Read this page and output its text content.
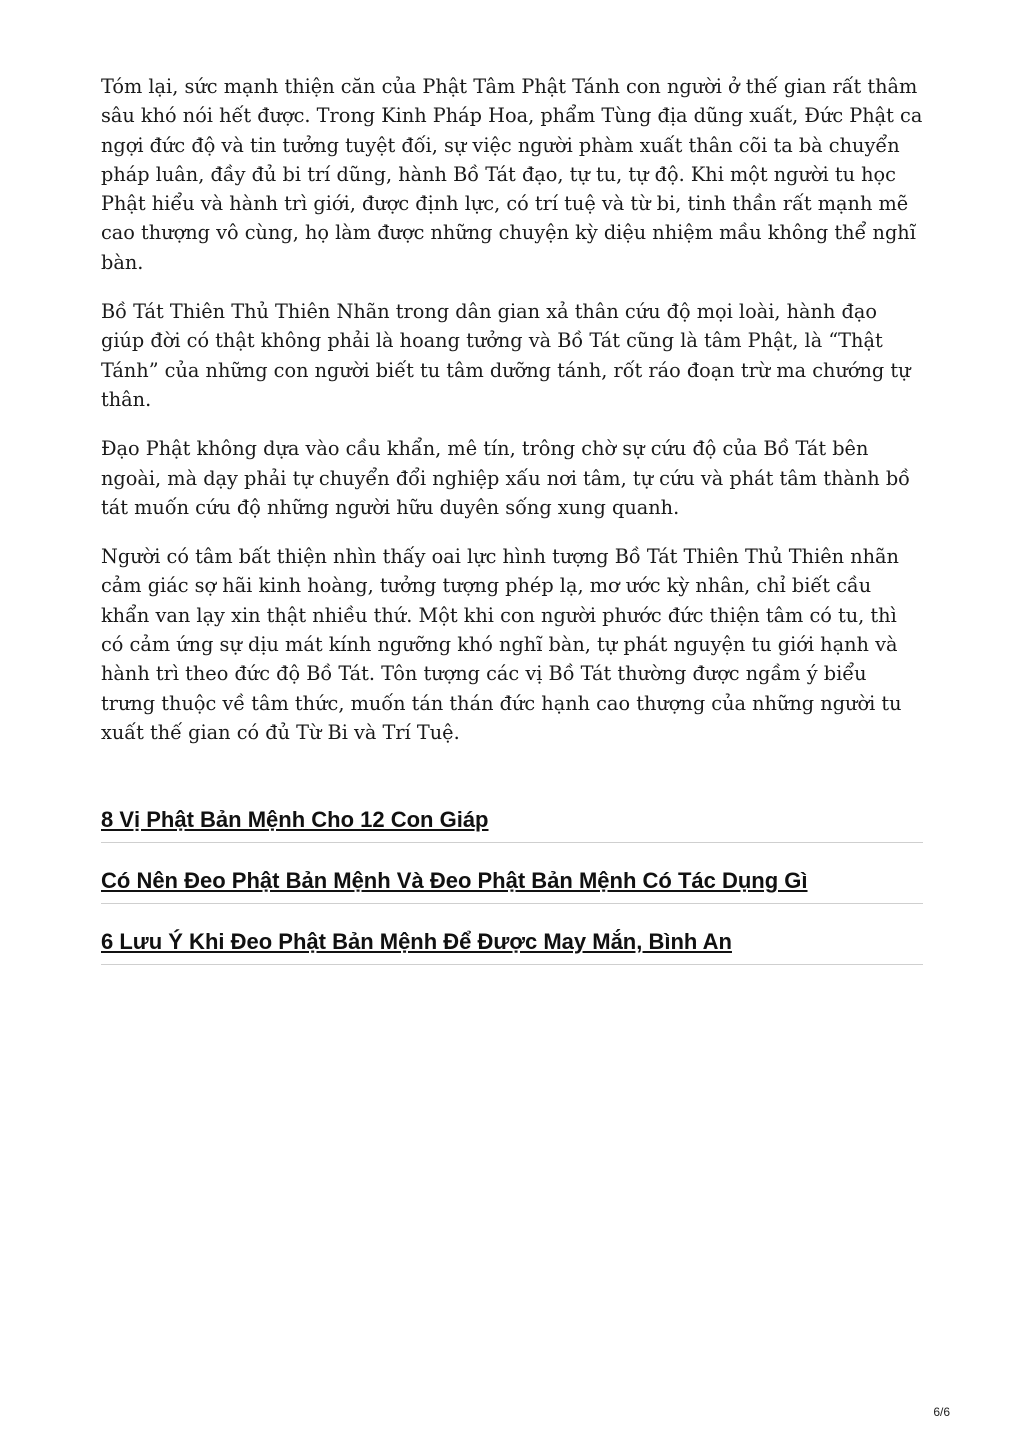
Tóm lại, sức mạnh thiện căn của Phật Tâm Phật Tánh con người ở thế gian rất thâm sâu khó nói hết được. Trong Kinh Pháp Hoa, phẩm Tùng địa dũng xuất, Đức Phật ca ngợi đức độ và tin tưởng tuyệt đối, sự việc người phàm xuất thân cõi ta bà chuyển pháp luân, đầy đủ bi trí dũng, hành Bồ Tát đạo, tự tu, tự độ. Khi một người tu học Phật hiểu và hành trì giới, được định lực, có trí tuệ và từ bi, tinh thần rất mạnh mẽ cao thượng vô cùng, họ làm được những chuyện kỳ diệu nhiệm mầu không thể nghĩ bàn.

Bồ Tát Thiên Thủ Thiên Nhãn trong dân gian xả thân cứu độ mọi loài, hành đạo giúp đời có thật không phải là hoang tưởng và Bồ Tát cũng là tâm Phật, là “Thật Tánh” của những con người biết tu tâm dưỡng tánh, rốt ráo đoạn trừ ma chướng tự thân.

Đạo Phật không dựa vào cầu khẩn, mê tín, trông chờ sự cứu độ của Bồ Tát bên ngoài, mà dạy phải tự chuyển đổi nghiệp xấu nơi tâm, tự cứu và phát tâm thành bồ tát muốn cứu độ những người hữu duyên sống xung quanh.

Người có tâm bất thiện nhìn thấy oai lực hình tượng Bồ Tát Thiên Thủ Thiên nhãn cảm giác sợ hãi kinh hoàng, tưởng tượng phép lạ, mơ ước kỳ nhân, chỉ biết cầu khẩn van lạy xin thật nhiều thứ. Một khi con người phước đức thiện tâm có tu, thì có cảm ứng sự dịu mát kính ngưỡng khó nghĩ bàn, tự phát nguyện tu giới hạnh và hành trì theo đức độ Bồ Tát. Tôn tượng các vị Bồ Tát thường được ngầm ý biểu trưng thuộc về tâm thức, muốn tán thán đức hạnh cao thượng của những người tu xuất thế gian có đủ Từ Bi và Trí Tuệ.

8 Vị Phật Bản Mệnh Cho 12 Con Giáp
Có Nên Đeo Phật Bản Mệnh Và Đeo Phật Bản Mệnh Có Tác Dụng Gì
6 Lưu Ý Khi Đeo Phật Bản Mệnh Để Được May Mắn, Bình An
6/6
